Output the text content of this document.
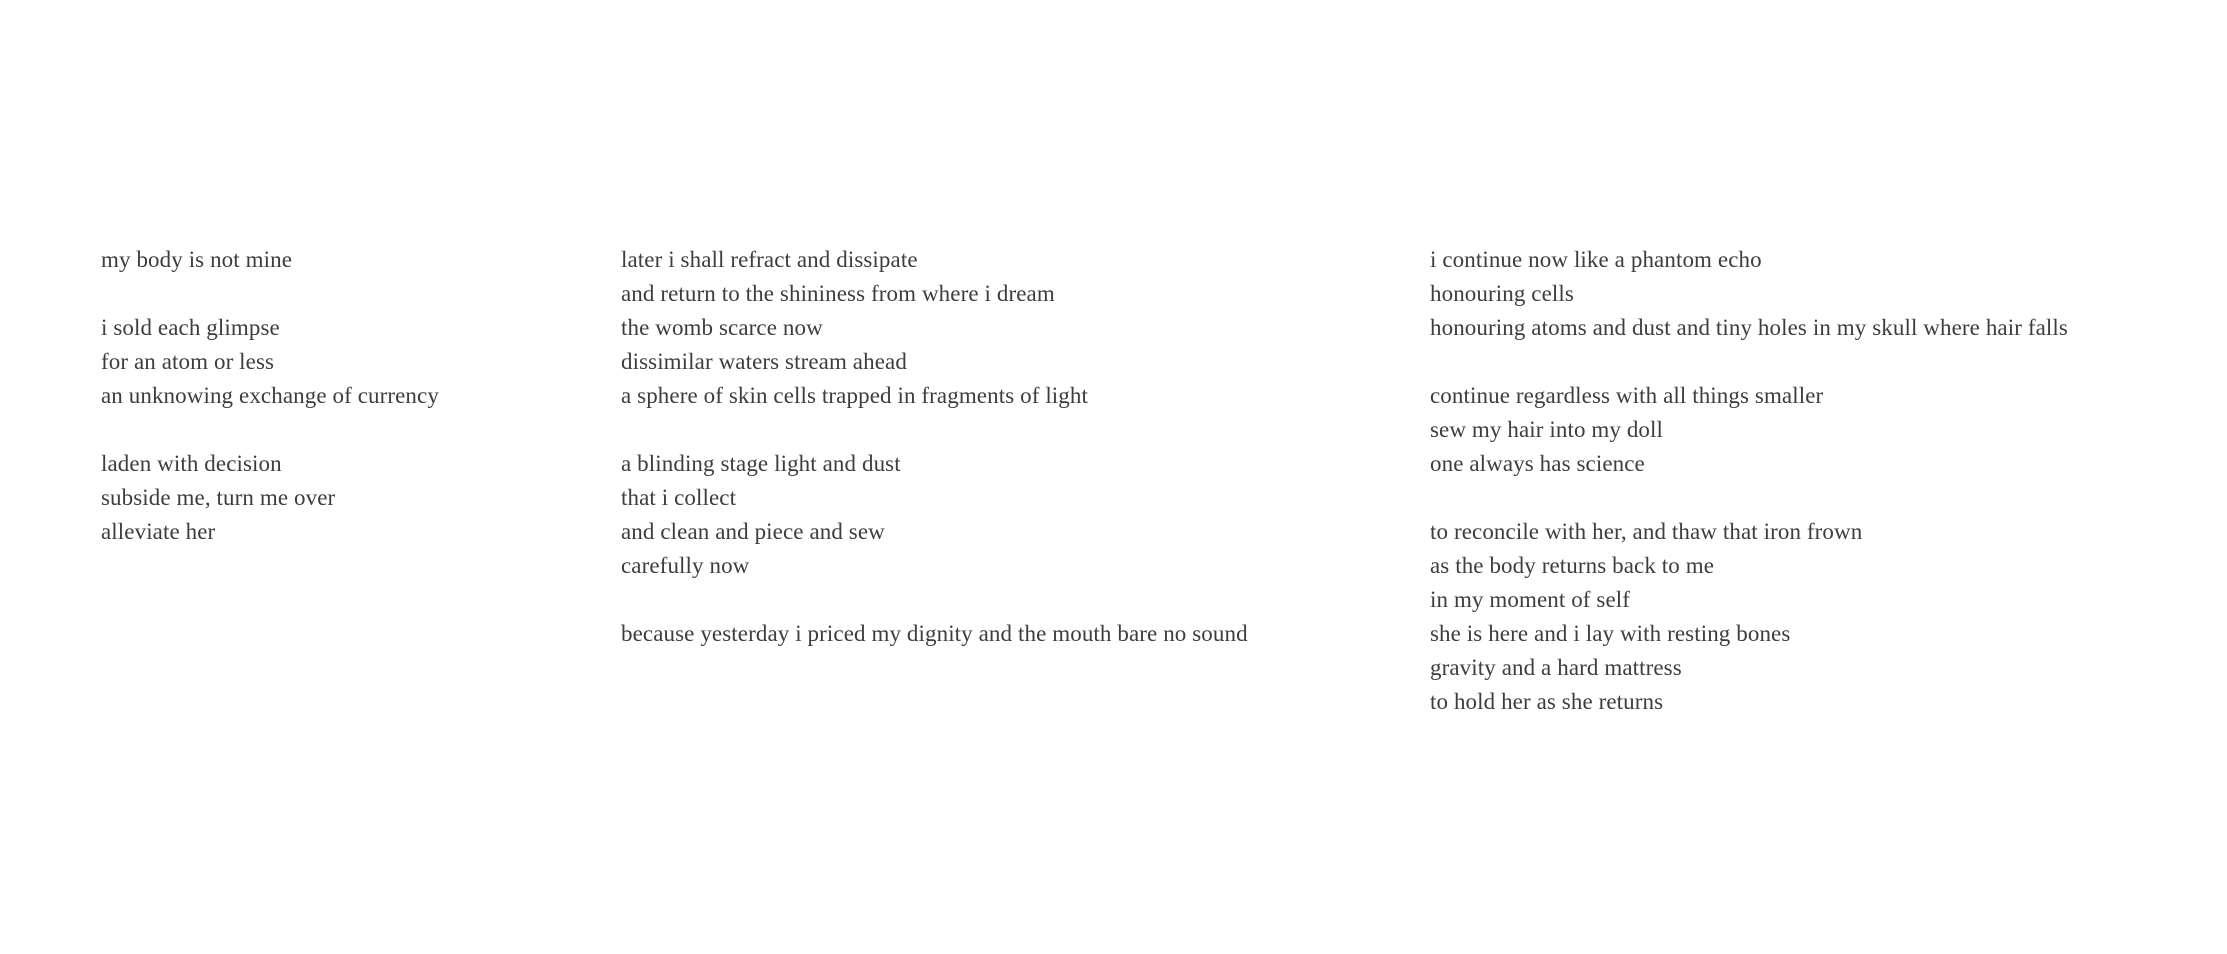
my body is not mine
i sold each glimpse
for an atom or less
an unknowing exchange of currency
laden with decision
subside me, turn me over
alleviate her
later i shall refract and dissipate
and return to the shininess from where i dream
the womb scarce now
dissimilar waters stream ahead
a sphere of skin cells trapped in fragments of light
a blinding stage light and dust
that i collect
and clean and piece and sew
carefully now
because yesterday i priced my dignity and the mouth bare no sound
i continue now like a phantom echo
honouring cells
honouring atoms and dust and tiny holes in my skull where hair falls
continue regardless with all things smaller
sew my hair into my doll
one always has science
to reconcile with her, and thaw that iron frown
as the body returns back to me
in my moment of self
she is here and i lay with resting bones
gravity and a hard mattress
to hold her as she returns
